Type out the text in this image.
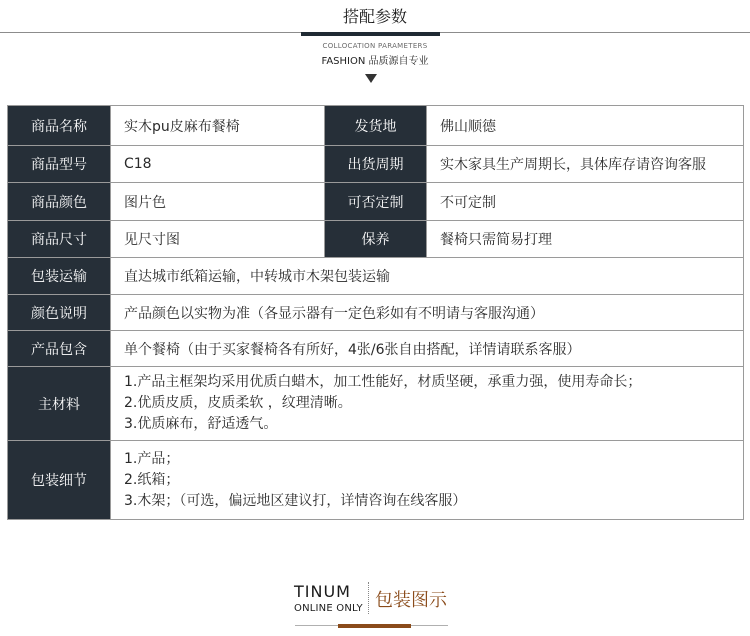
搭配参数
COLLOCATION PARAMETERS
FASHION 品质源自专业
商品名称	实木pu皮麻布餐椅	发货地	佛山顺德
商品型号	C18	出货周期	实木家具生产周期长，具体库存请咨询客服
商品颜色	图片色	可否定制	不可定制
商品尺寸	见尺寸图	保养	餐椅只需简易打理
包装运输	直达城市纸箱运输，中转城市木架包装运输		
颜色说明	产品颜色以实物为准（各显示器有一定色彩如有不明请与客服沟通）		
产品包含	单个餐椅（由于买家餐椅各有所好，4张/6张自由搭配，详情请联系客服）		
主材料	1.产品主框架均采用优质白蜡木，加工性能好，材质坚硬，承重力强，使用寿命长；
2.优质皮质，皮质柔软 ，纹理清晰。
3.优质麻布，舒适透气。		

包装细节	1.产品；
2.纸箱；
3.木架；（可选，偏远地区建议打，详情咨询在线客服）		
TINUM
ONLINE ONLY 包装图示
